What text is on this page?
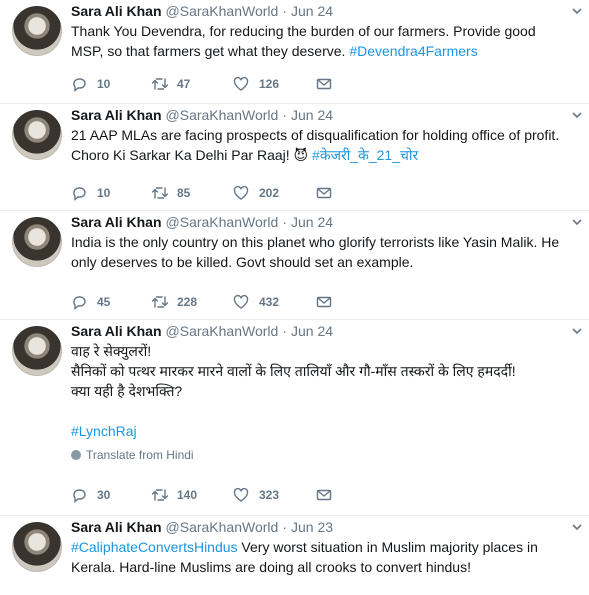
Sara Ali Khan @SaraKhanWorld · Jun 24
Thank You Devendra, for reducing the burden of our farmers. Provide good
MSP, so that farmers get what they deserve. #Devendra4Farmers
10	47	126
Sara Ali Khan @SaraKhanWorld · Jun 24
21 AAP MLAs are facing prospects of disqualification for holding office of profit.
Choro Ki Sarkar Ka Delhi Par Raaj! 😈 #केजरी_के_21_चोर
10	85	202
Sara Ali Khan @SaraKhanWorld · Jun 24
India is the only country on this planet who glorify terrorists like Yasin Malik. He
only deserves to be killed. Govt should set an example.
45	228	432
Sara Ali Khan @SaraKhanWorld · Jun 24
वाह रे सेक्युलरों!
सैनिकों को पत्थर मारकर मारने वालों के लिए तालियाँ और गौ-माँस तस्करों के लिए हमदर्दी!
क्या यही है देशभक्ति?

#LynchRaj
Translate from Hindi
30	140	323
Sara Ali Khan @SaraKhanWorld · Jun 23
#CaliphateConvertsHindus Very worst situation in Muslim majority places in
Kerala. Hard-line Muslims are doing all crooks to convert hindus!
